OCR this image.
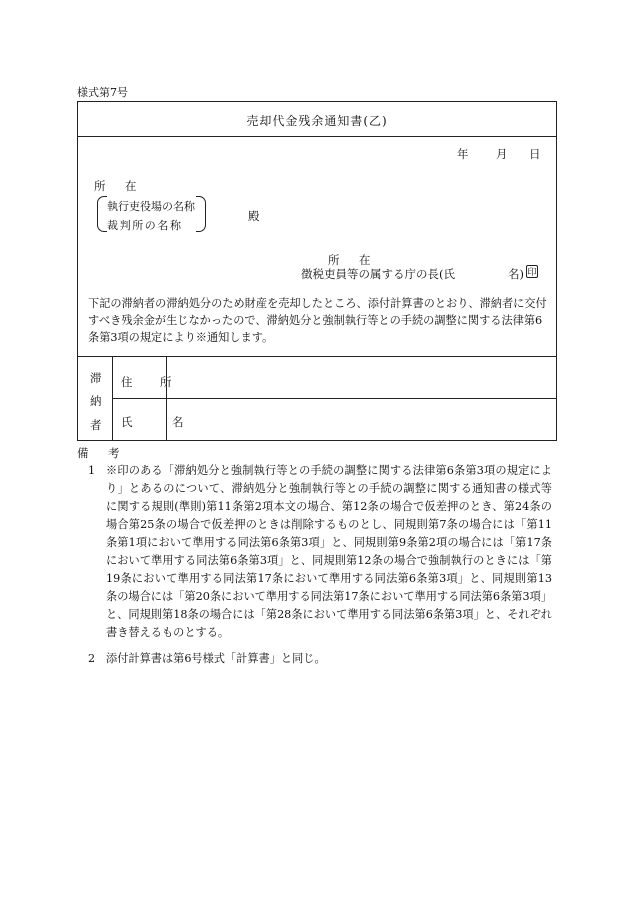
様式第7号
売却代金残余通知書(乙)
年 月 日
所　在
執行吏役場の名称
裁判所の名称
殿
所　在
徴税吏員等の属する庁の長(氏	名) 印
下記の滞納者の滞納処分のため財産を売却したところ、添付計算書のとおり、滞納者に交付すべき残余金が生じなかったので、滞納処分と強制執行等との手続の調整に関する法律第6条第3項の規定により※通知します。
滞
納
者
住　所
氏　名
備　考
1 ※印のある「滞納処分と強制執行等との手続の調整に関する法律第6条第3項の規定により」とあるのについて、滞納処分と強制執行等との手続の調整に関する通知書の様式等に関する規則(準則)第11条第2項本文の場合、第12条の場合で仮差押のとき、第24条の場合第25条の場合で仮差押のときは削除するものとし、同規則第7条の場合には「第11条第1項において準用する同法第6条第3項」と、同規則第9条第2項の場合には「第17条において準用する同法第6条第3項」と、同規則第12条の場合で強制執行のときには「第19条において準用する同法第17条において準用する同法第6条第3項」と、同規則第13条の場合には「第20条において準用する同法第17条において準用する同法第6条第3項」と、同規則第18条の場合には「第28条において準用する同法第6条第3項」と、それぞれ書き替えるものとする。
2 添付計算書は第6号様式「計算書」と同じ。
